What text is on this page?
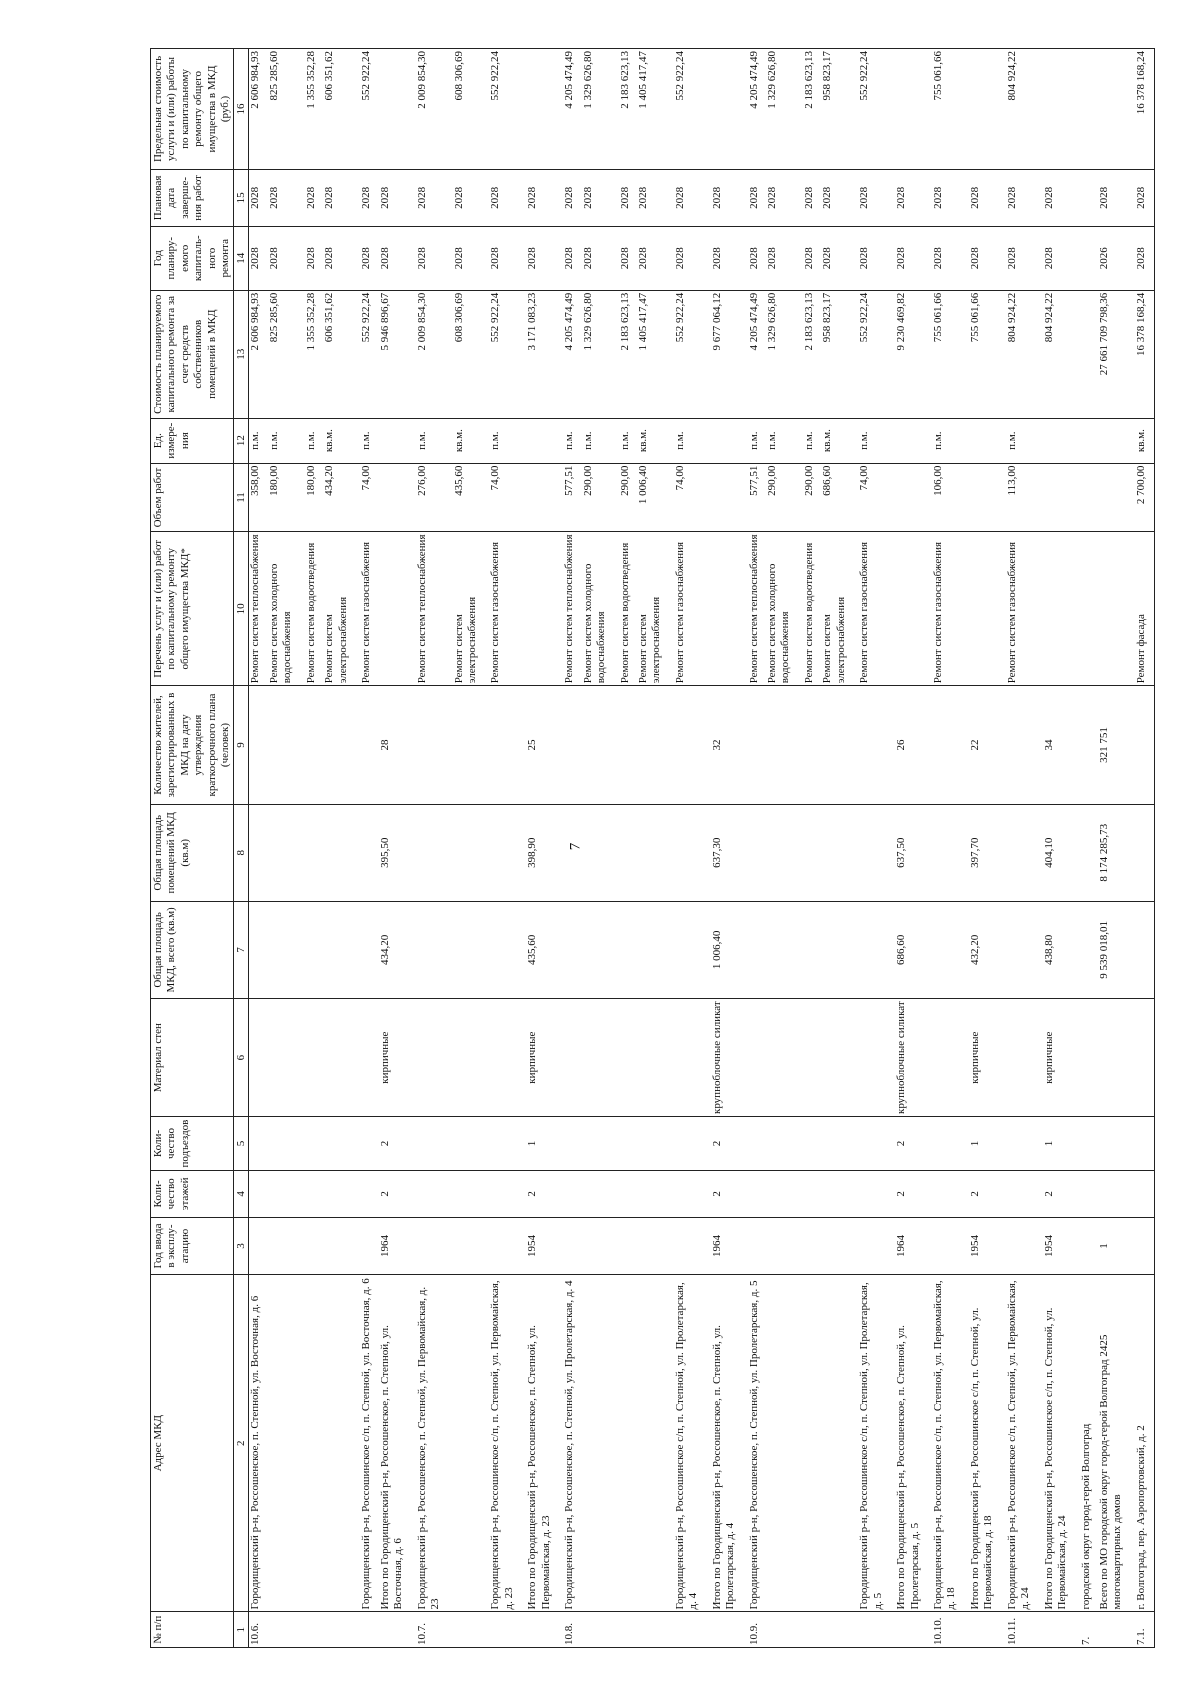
7
№ п/п	Адрес МКД	Год ввода в эксплу-атацию	Коли-чество этажей	Коли-чество подъездов	Материал стен	Общая площадь МКД, всего (кв.м)	Общая площадь помещений МКД (кв.м)	Количество жителей, зарегистрированных в МКД на дату утверждения краткосрочного плана (человек)	Перечень услуг и (или) работ по капитальному ремонту общего имущества МКД*	Объем работ	Ед. измере-ния	Стоимость планируемого капитального ремонта за счет средств собственников помещений в МКД	Год планиру-емого капиталь-ного ремонта	Плановая дата заверше-ния работ	Предельная стоимость услуги и (или) работы по капитальному ремонту общего имущества в МКД (руб.)
1	2	3	4	5	6	7	8	9	10	11	12	13	14	15	16
10.6.	Городищенский р-н, Россошенское, п. Степной, ул. Восточная, д. 6								Ремонт систем теплоснабжения	358,00	п.м.	2 606 984,93	2028	2028	2 606 984,93
									Ремонт систем холодного водоснабжения	180,00	п.м.	825 285,60	2028	2028	825 285,60
									Ремонт систем водоотведения	180,00	п.м.	1 355 352,28	2028	2028	1 355 352,28
									Ремонт систем электроснабжения	434,20	кв.м.	606 351,62	2028	2028	606 351,62
	Городищенский р-н, Россошинское с/п, п. Степной, ул. Восточная, д. 6								Ремонт систем газоснабжения	74,00	п.м.	552 922,24	2028	2028	552 922,24
	Итого по Городищенский р-н, Россошенское, п. Степной, ул. Восточная, д. 6	1964	2	2	кирпичные	434,20	395,50	28				5 946 896,67	2028	2028	
10.7.	Городищенский р-н, Россошенское, п. Степной, ул. Первомайская, д. 23								Ремонт систем теплоснабжения	276,00	п.м.	2 009 854,30	2028	2028	2 009 854,30
									Ремонт систем электроснабжения	435,60	кв.м.	608 306,69	2028	2028	608 306,69
	Городищенский р-н, Россошинское с/п, п. Степной, ул. Первомайская, д. 23								Ремонт систем газоснабжения	74,00	п.м.	552 922,24	2028	2028	552 922,24
	Итого по Городищенский р-н, Россошенское, п. Степной, ул. Первомайская, д. 23	1954	2	1	кирпичные	435,60	398,90	25				3 171 083,23	2028	2028	
10.8.	Городищенский р-н, Россошенское, п. Степной, ул. Пролетарская, д. 4								Ремонт систем теплоснабжения	577,51	п.м.	4 205 474,49	2028	2028	4 205 474,49
									Ремонт систем холодного водоснабжения	290,00	п.м.	1 329 626,80	2028	2028	1 329 626,80
									Ремонт систем водоотведения	290,00	п.м.	2 183 623,13	2028	2028	2 183 623,13
									Ремонт систем электроснабжения	1 006,40	кв.м.	1 405 417,47	2028	2028	1 405 417,47
	Городищенский р-н, Россошинское с/п, п. Степной, ул. Пролетарская, д. 4								Ремонт систем газоснабжения	74,00	п.м.	552 922,24	2028	2028	552 922,24
	Итого по Городищенский р-н, Россошенское, п. Степной, ул. Пролетарская, д. 4	1964	2	2	крупноблочные силикат	1 006,40	637,30	32				9 677 064,12	2028	2028	
10.9.	Городищенский р-н, Россошенское, п. Степной, ул. Пролетарская, д. 5								Ремонт систем теплоснабжения	577,51	п.м.	4 205 474,49	2028	2028	4 205 474,49
									Ремонт систем холодного водоснабжения	290,00	п.м.	1 329 626,80	2028	2028	1 329 626,80
									Ремонт систем водоотведения	290,00	п.м.	2 183 623,13	2028	2028	2 183 623,13
									Ремонт систем электроснабжения	686,60	кв.м.	958 823,17	2028	2028	958 823,17
	Городищенский р-н, Россошинское с/п, п. Степной, ул. Пролетарская, д. 5								Ремонт систем газоснабжения	74,00	п.м.	552 922,24	2028	2028	552 922,24
	Итого по Городищенский р-н, Россошенское, п. Степной, ул. Пролетарская, д. 5	1964	2	2	крупноблочные силикат	686,60	637,50	26				9 230 469,82	2028	2028	
10.10.	Городищенский р-н, Россошинское с/п, п. Степной, ул. Первомайская, д. 18								Ремонт систем газоснабжения	106,00	п.м.	755 061,66	2028	2028	755 061,66
	Итого по Городищенский р-н, Россошинское с/п, п. Степной, ул. Первомайская, д. 18	1954	2	1	кирпичные	432,20	397,70	22				755 061,66	2028	2028	
10.11.	Городищенский р-н, Россошинское с/п, п. Степной, ул. Первомайская, д. 24								Ремонт систем газоснабжения	113,00	п.м.	804 924,22	2028	2028	804 924,22
	Итого по Городищенский р-н, Россошинское с/п, п. Степной, ул. Первомайская, д. 24	1954	2	1	кирпичные	438,80	404,10	34				804 924,22	2028	2028	
7.	городской округ город-герой Волгоград														
	Всего по МО городской округ город-герой Волгоград 2425 многоквартирных домов	1				9 539 018,01	8 174 285,73	321 751				27 661 709 798,36	2026	2028	
7.1.	г. Волгоград, пер. Аэропортовский, д. 2								Ремонт фасада	2 700,00	кв.м.	16 378 168,24	2028	2028	16 378 168,24
